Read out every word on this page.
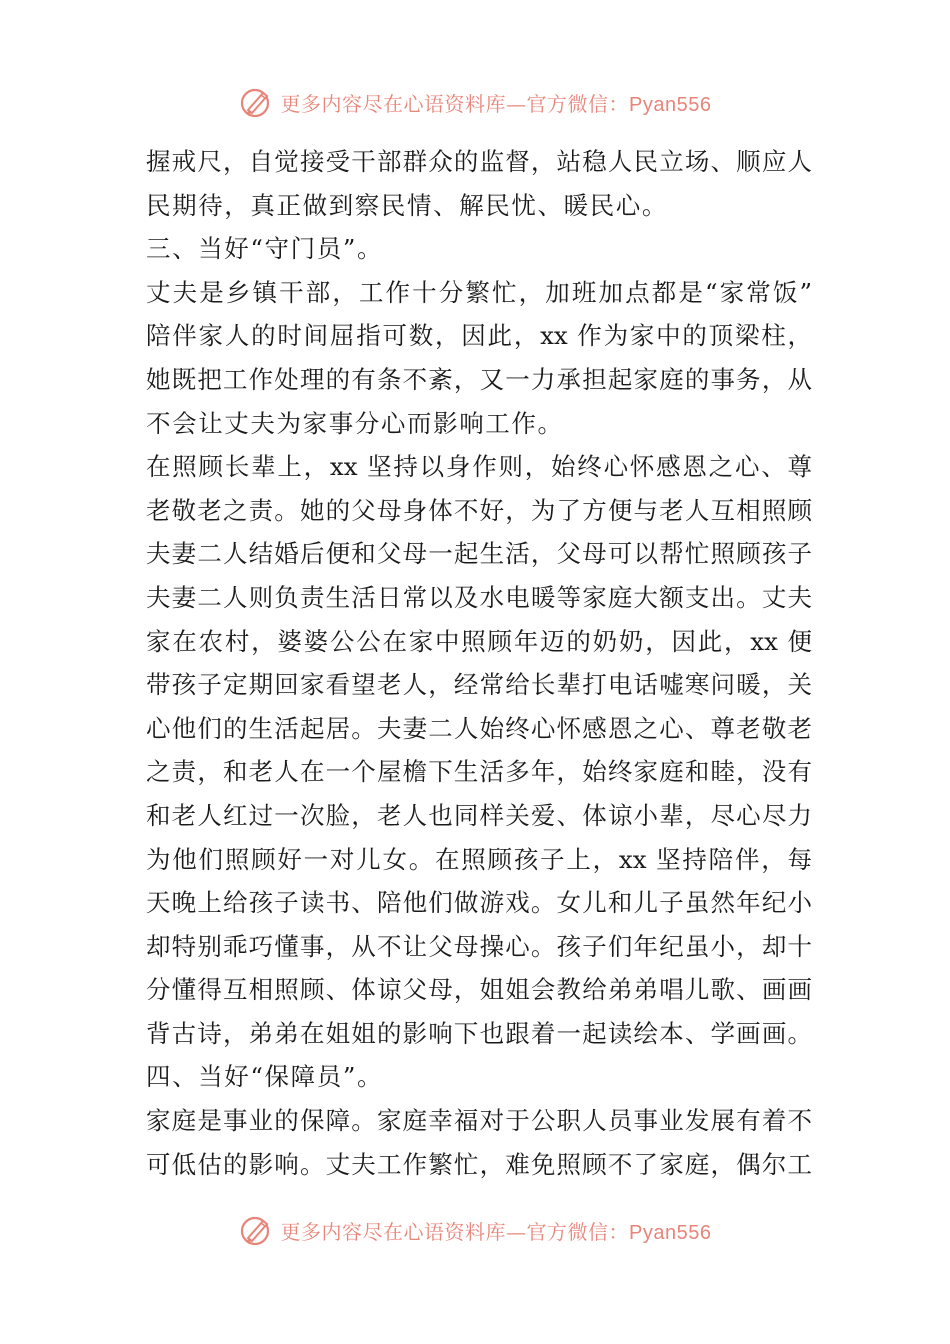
更多内容尽在心语资料库—官方微信：Pyan556
握戒尺，自觉接受干部群众的监督，站稳人民立场、顺应人
民期待，真正做到察民情、解民忧、暖民心。
三、当好“守门员”。
丈夫是乡镇干部，工作十分繁忙，加班加点都是“家常饭”
陪伴家人的时间屈指可数，因此，xx 作为家中的顶梁柱，
她既把工作处理的有条不紊，又一力承担起家庭的事务，从
不会让丈夫为家事分心而影响工作。
在照顾长辈上，xx 坚持以身作则，始终心怀感恩之心、尊
老敬老之责。她的父母身体不好，为了方便与老人互相照顾
夫妻二人结婚后便和父母一起生活，父母可以帮忙照顾孩子
夫妻二人则负责生活日常以及水电暖等家庭大额支出。丈夫
家在农村，婆婆公公在家中照顾年迈的奶奶，因此，xx 便
带孩子定期回家看望老人，经常给长辈打电话嘘寒问暖，关
心他们的生活起居。夫妻二人始终心怀感恩之心、尊老敬老
之责，和老人在一个屋檐下生活多年，始终家庭和睦，没有
和老人红过一次脸，老人也同样关爱、体谅小辈，尽心尽力
为他们照顾好一对儿女。在照顾孩子上，xx 坚持陪伴，每
天晚上给孩子读书、陪他们做游戏。女儿和儿子虽然年纪小
却特别乖巧懂事，从不让父母操心。孩子们年纪虽小，却十
分懂得互相照顾、体谅父母，姐姐会教给弟弟唱儿歌、画画
背古诗，弟弟在姐姐的影响下也跟着一起读绘本、学画画。
四、当好“保障员”。
家庭是事业的保障。家庭幸福对于公职人员事业发展有着不
可低估的影响。丈夫工作繁忙，难免照顾不了家庭，偶尔工
更多内容尽在心语资料库—官方微信：Pyan556
